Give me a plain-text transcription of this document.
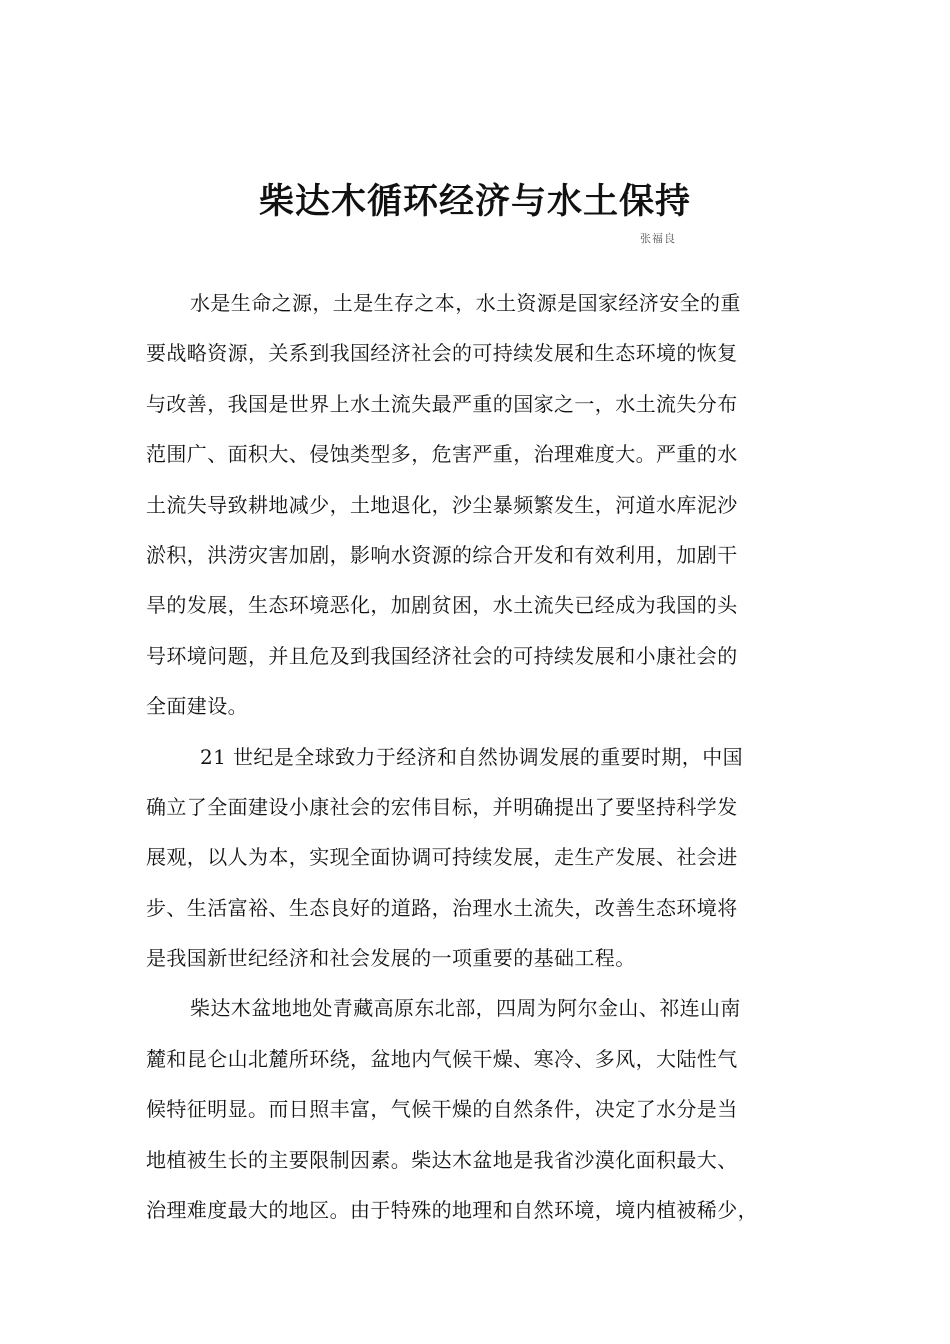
柴达木循环经济与水土保持

张福良

水是生命之源，土是生存之本，水土资源是国家经济安全的重
要战略资源，关系到我国经济社会的可持续发展和生态环境的恢复
与改善，我国是世界上水土流失最严重的国家之一，水土流失分布
范围广、面积大、侵蚀类型多，危害严重，治理难度大。严重的水
土流失导致耕地减少，土地退化，沙尘暴频繁发生，河道水库泥沙
淤积，洪涝灾害加剧，影响水资源的综合开发和有效利用，加剧干
旱的发展，生态环境恶化，加剧贫困，水土流失已经成为我国的头
号环境问题，并且危及到我国经济社会的可持续发展和小康社会的
全面建设。
21 世纪是全球致力于经济和自然协调发展的重要时期，中国
确立了全面建设小康社会的宏伟目标，并明确提出了要坚持科学发
展观，以人为本，实现全面协调可持续发展，走生产发展、社会进
步、生活富裕、生态良好的道路，治理水土流失，改善生态环境将
是我国新世纪经济和社会发展的一项重要的基础工程。
柴达木盆地地处青藏高原东北部，四周为阿尔金山、祁连山南
麓和昆仑山北麓所环绕，盆地内气候干燥、寒冷、多风，大陆性气
候特征明显。而日照丰富，气候干燥的自然条件，决定了水分是当
地植被生长的主要限制因素。柴达木盆地是我省沙漠化面积最大、
治理难度最大的地区。由于特殊的地理和自然环境，境内植被稀少，
